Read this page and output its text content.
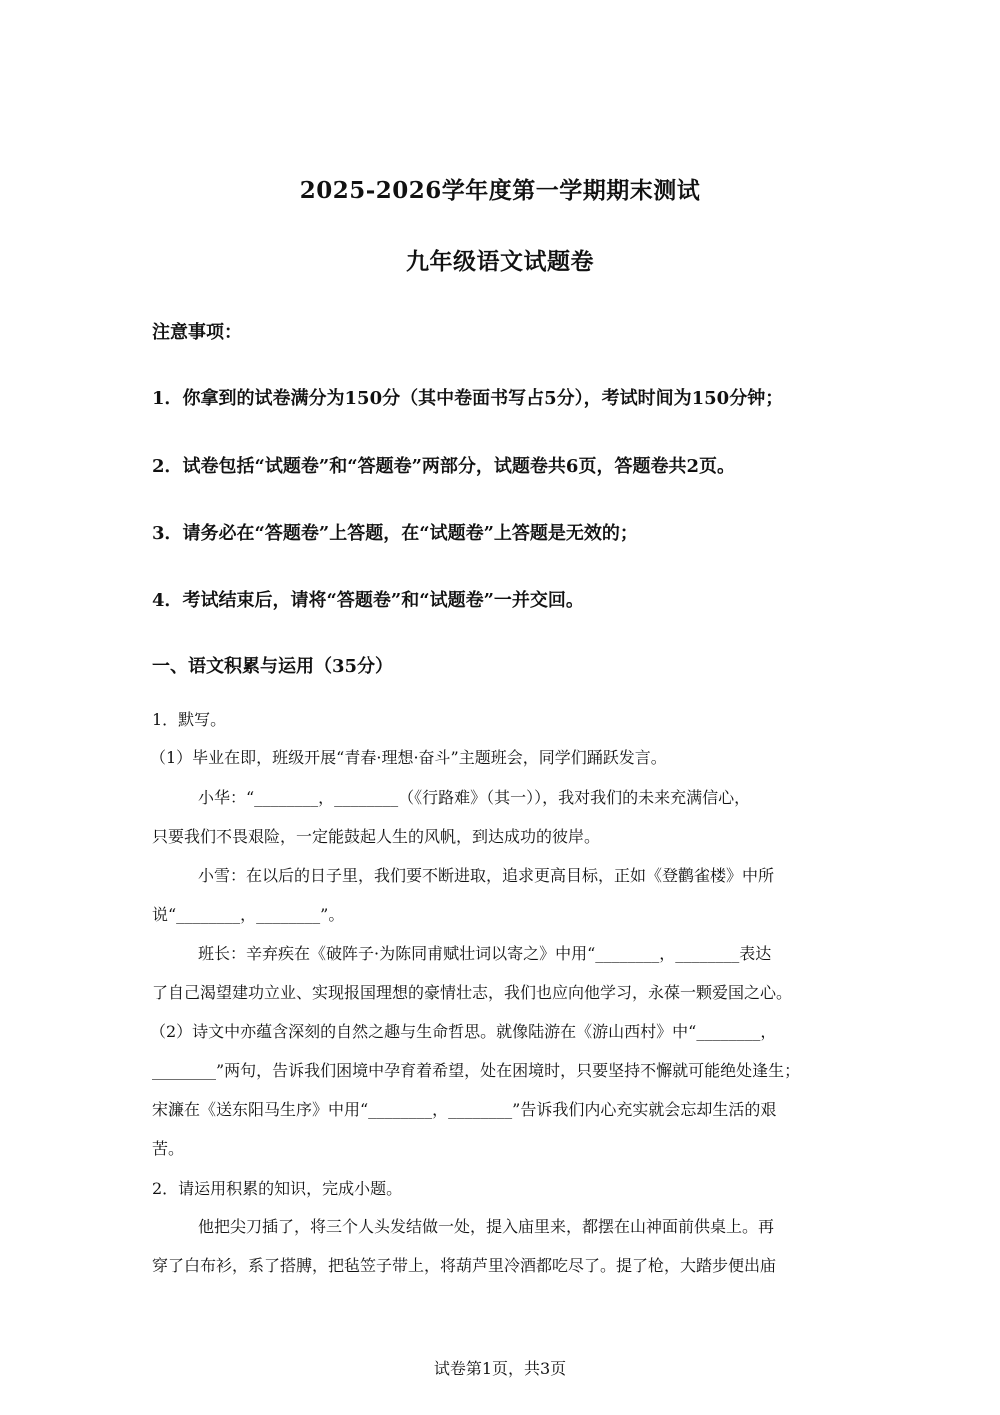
2025-2026学年度第一学期期末测试
九年级语文试题卷
注意事项：
1．你拿到的试卷满分为150分（其中卷面书写占5分），考试时间为150分钟；
2．试卷包括“试题卷”和“答题卷”两部分，试题卷共6页，答题卷共2页。
3．请务必在“答题卷”上答题，在“试题卷”上答题是无效的；
4．考试结束后，请将“答题卷”和“试题卷”一并交回。
一、语文积累与运用（35分）
1．默写。
（1）毕业在即，班级开展“青春·理想·奋斗”主题班会，同学们踊跃发言。
小华：“________，________（《行路难》（其一）），我对我们的未来充满信心，
只要我们不畏艰险，一定能鼓起人生的风帆，到达成功的彼岸。
小雪：在以后的日子里，我们要不断进取，追求更高目标，正如《登鹳雀楼》中所
说“________，________”。
班长：辛弃疾在《破阵子·为陈同甫赋壮词以寄之》中用“________，________表达
了自己渴望建功立业、实现报国理想的豪情壮志，我们也应向他学习，永葆一颗爱国之心。
（2）诗文中亦蕴含深刻的自然之趣与生命哲思。就像陆游在《游山西村》中“________，
________”两句，告诉我们困境中孕育着希望，处在困境时，只要坚持不懈就可能绝处逢生；
宋濂在《送东阳马生序》中用“________，________”告诉我们内心充实就会忘却生活的艰
苦。
2．请运用积累的知识，完成小题。
他把尖刀插了，将三个人头发结做一处，提入庙里来，都摆在山神面前供桌上。再
穿了白布衫，系了搭膊，把毡笠子带上，将葫芦里冷酒都吃尽了。提了枪，大踏步便出庙
试卷第1页，共3页
